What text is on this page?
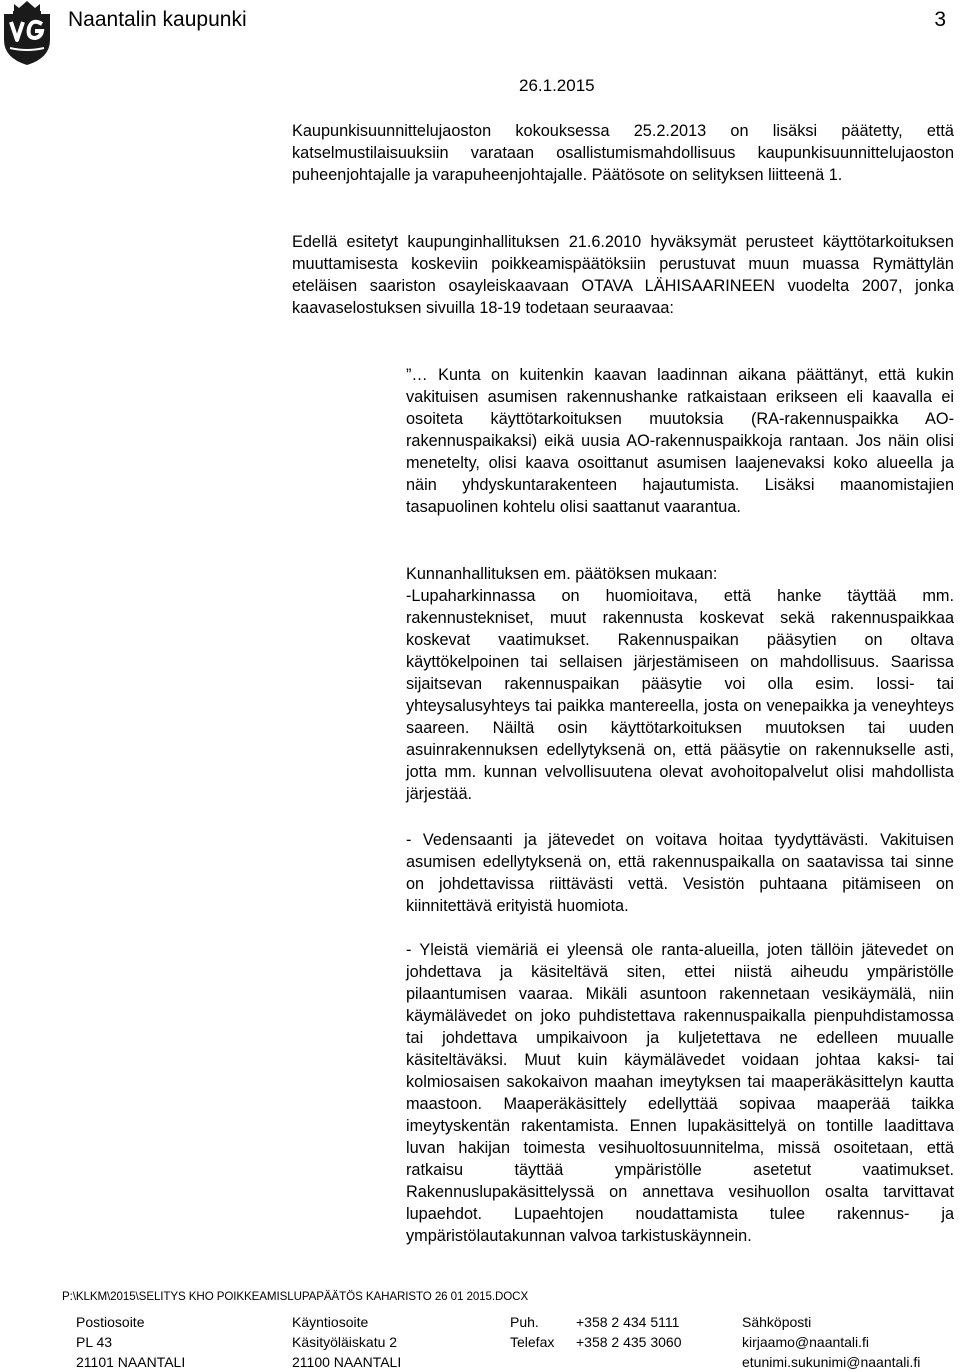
Naantalin kaupunki	3
26.1.2015

Kaupunkisuunnittelujaoston kokouksessa 25.2.2013 on lisäksi päätetty, että katselmustilaisuuksiin varataan osallistumismahdollisuus kaupunkisuunnittelujaoston puheenjohtajalle ja varapuheenjohtajalle. Päätösote on selityksen liitteenä 1.

Edellä esitetyt kaupunginhallituksen 21.6.2010 hyväksymät perusteet käyttötarkoituksen muuttamisesta koskeviin poikkeamispäätöksiin perustuvat muun muassa Rymättylän eteläisen saariston osayleiskaavaan OTAVA LÄHISAARINEEN vuodelta 2007, jonka kaavaselostuksen sivuilla 18-19 todetaan seuraavaa:

”… Kunta on kuitenkin kaavan laadinnan aikana päättänyt, että kukin vakituisen asumisen rakennushanke ratkaistaan erikseen eli kaavalla ei osoiteta käyttötarkoituksen muutoksia (RA-rakennuspaikka AO-rakennuspaikaksi) eikä uusia AO-rakennuspaikkoja rantaan. Jos näin olisi menetelty, olisi kaava osoittanut asumisen laajenevaksi koko alueella ja näin yhdyskuntarakenteen hajautumista. Lisäksi maanomistajien tasapuolinen kohtelu olisi saattanut vaarantua.

Kunnanhallituksen em. päätöksen mukaan:

-Lupaharkinnassa on huomioitava, että hanke täyttää mm. rakennustekniset, muut rakennusta koskevat sekä rakennuspaikkaa koskevat vaatimukset. Rakennuspaikan pääsytien on oltava käyttökelpoinen tai sellaisen järjestämiseen on mahdollisuus. Saarissa sijaitsevan rakennuspaikan pääsytie voi olla esim. lossi- tai yhteysalusyhteys tai paikka mantereella, josta on venepaikka ja veneyhteys saareen. Näiltä osin käyttötarkoituksen muutoksen tai uuden asuinrakennuksen edellytyksenä on, että pääsytie on rakennukselle asti, jotta mm. kunnan velvollisuutena olevat avohoitopalvelut olisi mahdollista järjestää.

- Vedensaanti ja jätevedet on voitava hoitaa tyydyttävästi. Vakituisen asumisen edellytyksenä on, että rakennuspaikalla on saatavissa tai sinne on johdettavissa riittävästi vettä. Vesistön puhtaana pitämiseen on kiinnitettävä erityistä huomiota.

- Yleistä viemäriä ei yleensä ole ranta-alueilla, joten tällöin jätevedet on johdettava ja käsiteltävä siten, ettei niistä aiheudu ympäristölle pilaantumisen vaaraa. Mikäli asuntoon rakennetaan vesikäymälä, niin käymälävedet on joko puhdistettava rakennuspaikalla pienpuhdistamossa tai johdettava umpikaivoon ja kuljetettava ne edelleen muualle käsiteltäväksi. Muut kuin käymälävedet voidaan johtaa kaksi- tai kolmiosaisen sakokaivon maahan imeytyksen tai maaperäkäsittelyn kautta maastoon. Maaperäkäsittely edellyttää sopivaa maaperää taikka imeytyskentän rakentamista. Ennen lupakäsittelyä on tontille laadittava luvan hakijan toimesta vesihuoltosuunnitelma, missä osoitetaan, että ratkaisu täyttää ympäristölle asetetut vaatimukset. Rakennuslupakäsittelyssä on annettava vesihuollon osalta tarvittavat lupaehdot. Lupaehtojen noudattamista tulee rakennus- ja ympäristölautakunnan valvoa tarkistuskäynnein.

P:\KLKM\2015\SELITYS KHO POIKKEAMISLUPAPÄÄTÖS KAHARISTO 26 01 2015.DOCX
Postiosoite
PL 43
21101 NAANTALI
Käyntiosoite
Käsityöläiskatu 2
21100 NAANTALI
Puh.
Telefax
+358 2 434 5111
+358 2 435 3060
Sähköposti
kirjaamo@naantali.fi
etunimi.sukunimi@naantali.fi
